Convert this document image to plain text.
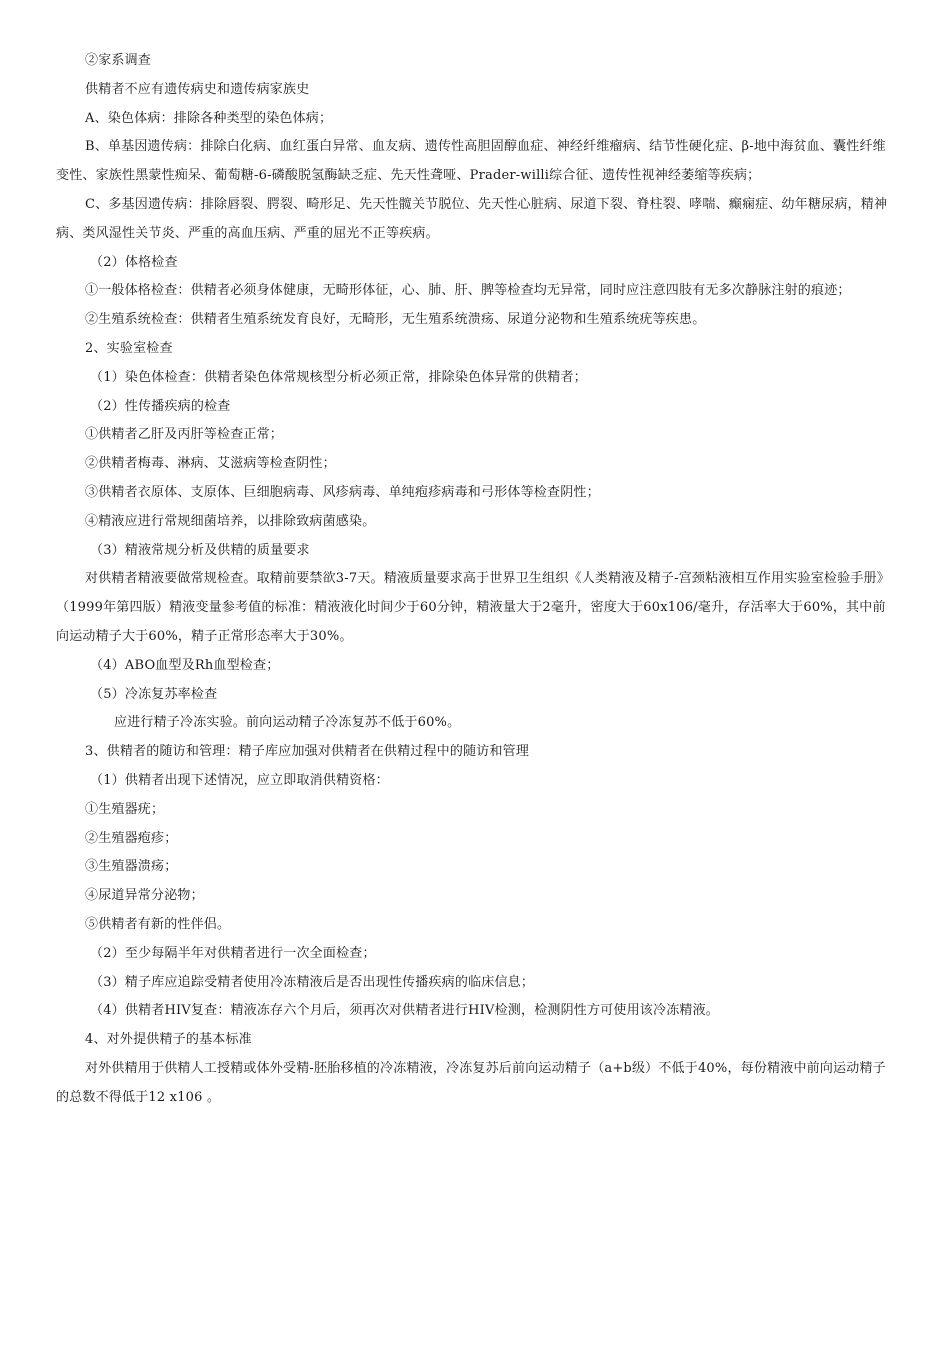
②家系调查

供精者不应有遗传病史和遗传病家族史

A、染色体病：排除各种类型的染色体病；

B、单基因遗传病：排除白化病、血红蛋白异常、血友病、遗传性高胆固醇血症、神经纤维瘤病、结节性硬化症、β-地中海贫血、囊性纤维变性、家族性黑蒙性痴呆、葡萄糖-6-磷酸脱氢酶缺乏症、先天性聋哑、Prader-willi综合征、遗传性视神经萎缩等疾病；

C、多基因遗传病：排除唇裂、腭裂、畸形足、先天性髋关节脱位、先天性心脏病、尿道下裂、脊柱裂、哮喘、癫痫症、幼年糖尿病，精神病、类风湿性关节炎、严重的高血压病、严重的屈光不正等疾病。

（2）体格检查

①一般体格检查：供精者必须身体健康，无畸形体征，心、肺、肝、脾等检查均无异常，同时应注意四肢有无多次静脉注射的痕迹；

②生殖系统检查：供精者生殖系统发育良好，无畸形，无生殖系统溃疡、尿道分泌物和生殖系统疣等疾患。

2、实验室检查

（1）染色体检查：供精者染色体常规核型分析必须正常，排除染色体异常的供精者；

（2）性传播疾病的检查

①供精者乙肝及丙肝等检查正常；

②供精者梅毒、淋病、艾滋病等检查阴性；

③供精者衣原体、支原体、巨细胞病毒、风疹病毒、单纯疱疹病毒和弓形体等检查阴性；

④精液应进行常规细菌培养，以排除致病菌感染。

（3）精液常规分析及供精的质量要求

对供精者精液要做常规检查。取精前要禁欲3-7天。精液质量要求高于世界卫生组织《人类精液及精子-宫颈粘液相互作用实验室检验手册》（1999年第四版）精液变量参考值的标准：精液液化时间少于60分钟，精液量大于2毫升，密度大于60x106/毫升，存活率大于60%，其中前向运动精子大于60%，精子正常形态率大于30%。

（4）ABO血型及Rh血型检查；

（5）冷冻复苏率检查

应进行精子冷冻实验。前向运动精子冷冻复苏不低于60%。

3、供精者的随访和管理：精子库应加强对供精者在供精过程中的随访和管理

（1）供精者出现下述情况，应立即取消供精资格：

①生殖器疣；

②生殖器疱疹；

③生殖器溃疡；

④尿道异常分泌物；

⑤供精者有新的性伴侣。

（2）至少每隔半年对供精者进行一次全面检查；

（3）精子库应追踪受精者使用冷冻精液后是否出现性传播疾病的临床信息；

（4）供精者HIV复查：精液冻存六个月后，须再次对供精者进行HIV检测，检测阴性方可使用该冷冻精液。

4、对外提供精子的基本标准

对外供精用于供精人工授精或体外受精-胚胎移植的冷冻精液，冷冻复苏后前向运动精子（a+b级）不低于40%，每份精液中前向运动精子的总数不得低于12 x106 。
